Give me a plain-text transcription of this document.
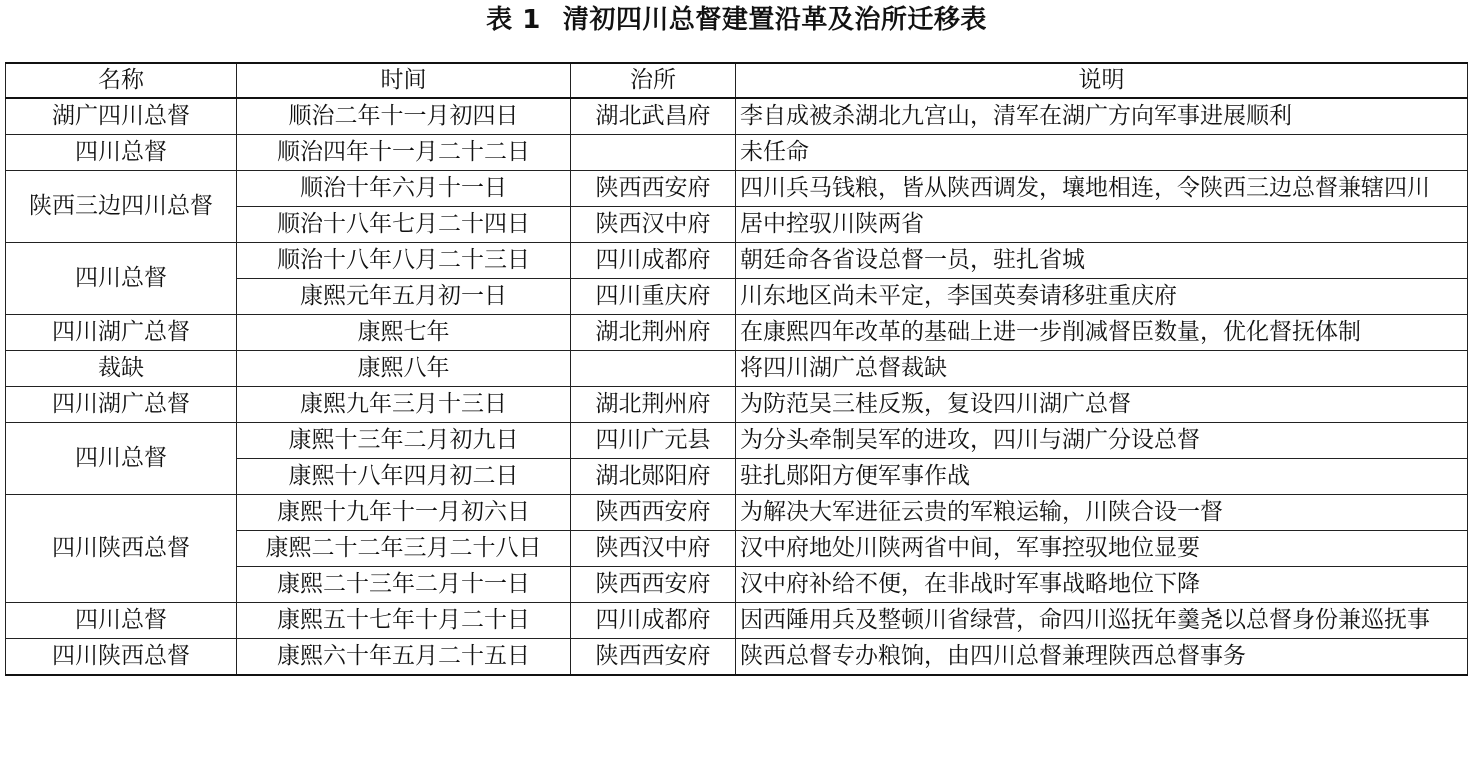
表 1 清初四川总督建置沿革及治所迁移表
名称	时间	治所	说明
湖广四川总督	顺治二年十一月初四日	湖北武昌府	李自成被杀湖北九宫山，清军在湖广方向军事进展顺利
四川总督	顺治四年十一月二十二日		未任命
陕西三边四川总督	顺治十年六月十一日	陕西西安府	四川兵马钱粮，皆从陕西调发，壤地相连，令陕西三边总督兼辖四川
	顺治十八年七月二十四日	陕西汉中府	居中控驭川陕两省
四川总督	顺治十八年八月二十三日	四川成都府	朝廷命各省设总督一员，驻扎省城
	康熙元年五月初一日	四川重庆府	川东地区尚未平定，李国英奏请移驻重庆府
四川湖广总督	康熙七年	湖北荆州府	在康熙四年改革的基础上进一步削减督臣数量，优化督抚体制
裁缺	康熙八年		将四川湖广总督裁缺
四川湖广总督	康熙九年三月十三日	湖北荆州府	为防范吴三桂反叛，复设四川湖广总督
四川总督	康熙十三年二月初九日	四川广元县	为分头牵制吴军的进攻，四川与湖广分设总督
	康熙十八年四月初二日	湖北郧阳府	驻扎郧阳方便军事作战
四川陕西总督	康熙十九年十一月初六日	陕西西安府	为解决大军进征云贵的军粮运输，川陕合设一督
	康熙二十二年三月二十八日	陕西汉中府	汉中府地处川陕两省中间，军事控驭地位显要
	康熙二十三年二月十一日	陕西西安府	汉中府补给不便，在非战时军事战略地位下降
四川总督	康熙五十七年十月二十日	四川成都府	因西陲用兵及整顿川省绿营，命四川巡抚年羹尧以总督身份兼巡抚事
四川陕西总督	康熙六十年五月二十五日	陕西西安府	陕西总督专办粮饷，由四川总督兼理陕西总督事务
